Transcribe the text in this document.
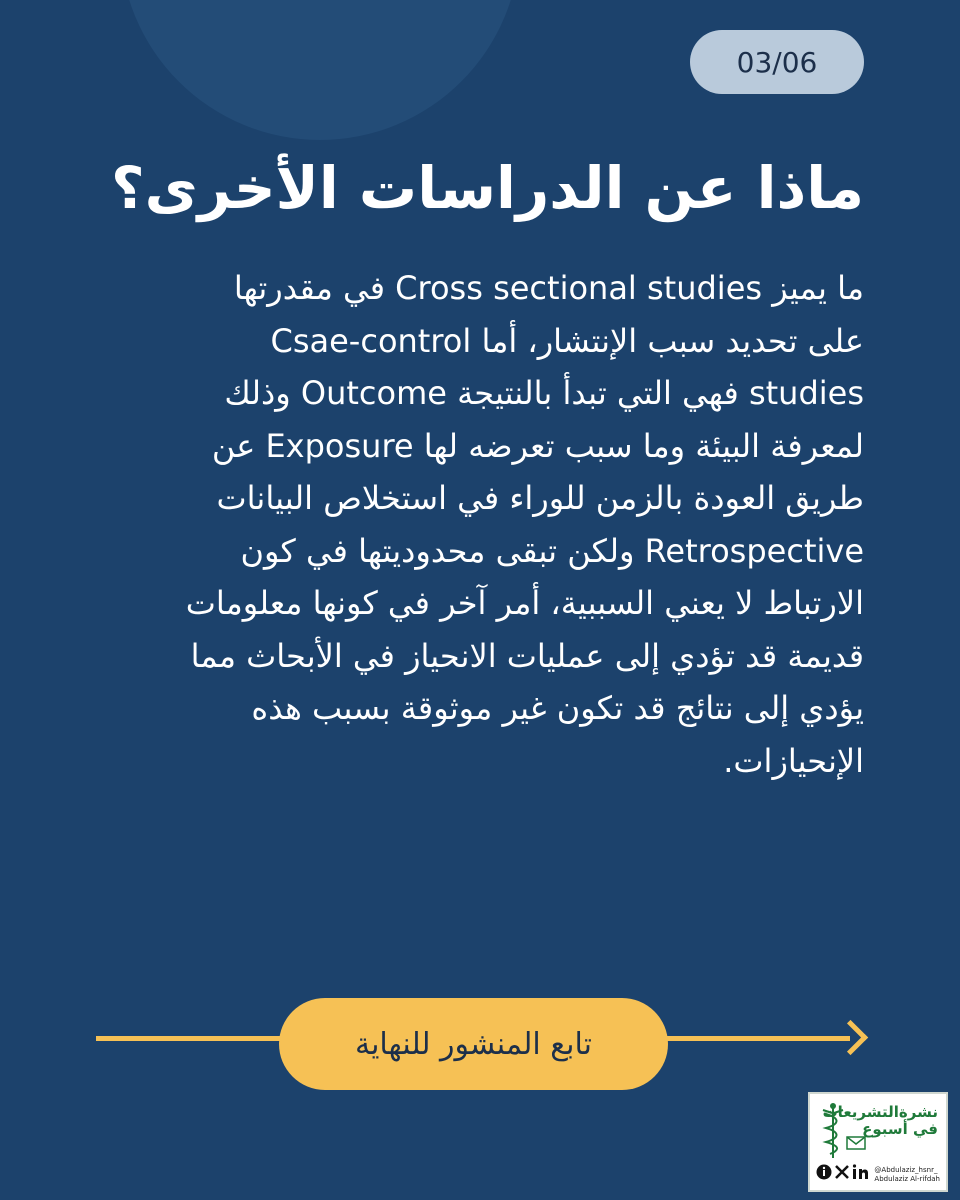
03/06
ماذا عن الدراسات الأخرى؟
ما يميز Cross sectional studies في مقدرتها
على تحديد سبب الإنتشار، أما Csae-control
studies فهي التي تبدأ بالنتيجة Outcome وذلك
لمعرفة البيئة وما سبب تعرضه لها Exposure عن
طريق العودة بالزمن للوراء في استخلاص البيانات
Retrospective ولكن تبقى محدوديتها في كون
الارتباط لا يعني السببية، أمر آخر في كونها معلومات
قديمة قد تؤدي إلى عمليات الانحياز في الأبحاث مما
يؤدي إلى نتائج قد تكون غير موثوقة بسبب هذه
الإنحيازات.
تابع المنشور للنهاية
نشرةالتشريعات
في أسبوع
@Abdulaziz_hsnr_
Abdulaziz Al-rifdah
